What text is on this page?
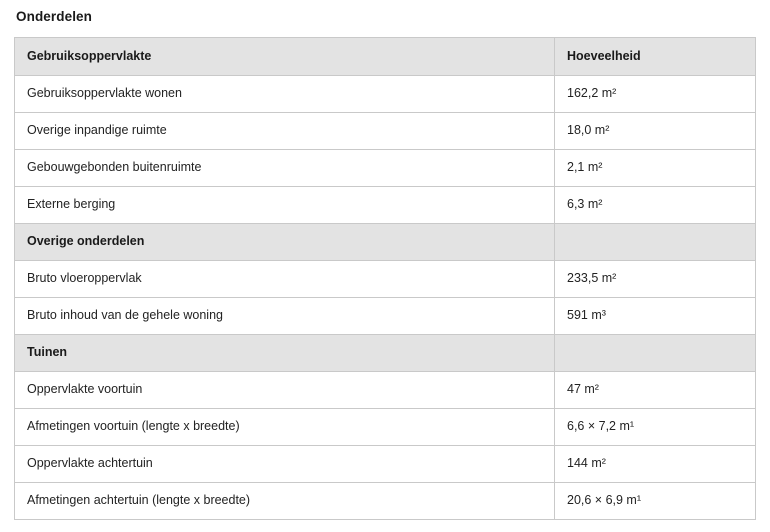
Onderdelen
Gebruiksoppervlakte	Hoeveelheid
Gebruiksoppervlakte wonen	162,2 m²
Overige inpandige ruimte	18,0 m²
Gebouwgebonden buitenruimte	2,1 m²
Externe berging	6,3 m²
Overige onderdelen	
Bruto vloeroppervlak	233,5 m²
Bruto inhoud van de gehele woning	591 m³
Tuinen	
Oppervlakte voortuin	47 m²
Afmetingen voortuin (lengte x breedte)	6,6 × 7,2 m¹
Oppervlakte achtertuin	144 m²
Afmetingen achtertuin (lengte x breedte)	20,6 × 6,9 m¹
